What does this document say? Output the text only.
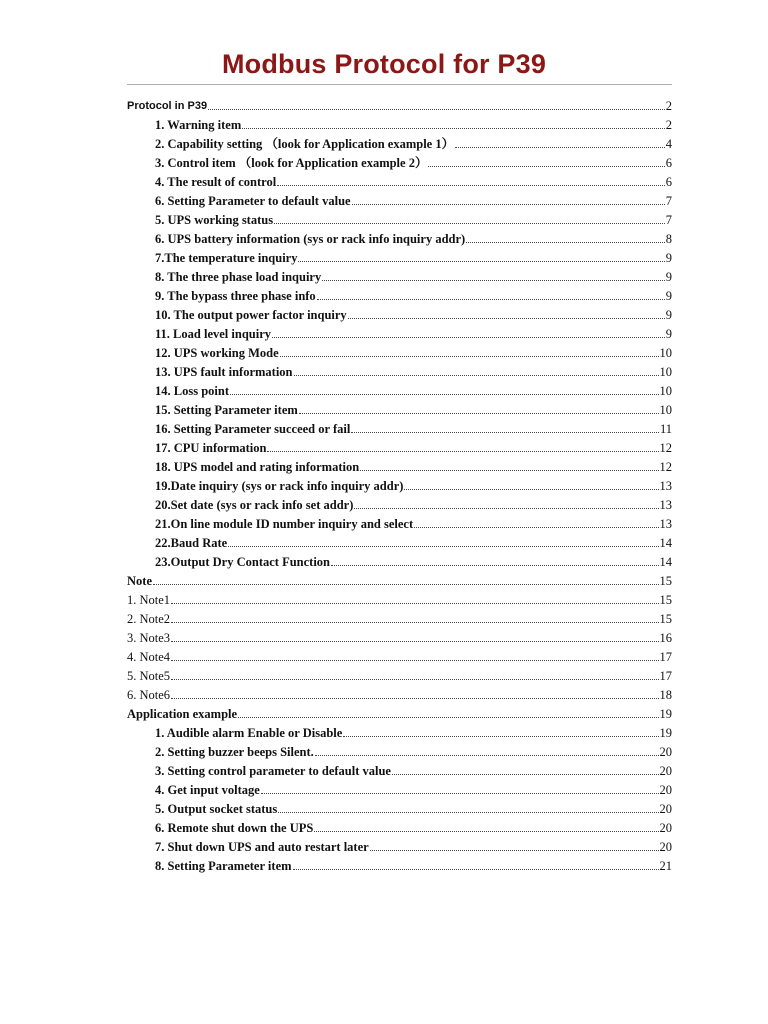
Modbus Protocol for P39
Protocol in P39	2
1. Warning item	2
2. Capability setting （look for Application example 1）	4
3. Control item （look for Application example 2）	6
4. The result of control	6
6. Setting Parameter to default value	7
5. UPS working status	7
6. UPS battery information (sys or rack info inquiry addr)	8
7.The temperature inquiry	9
8. The three phase load inquiry	9
9. The bypass three phase info	9
10. The output power factor inquiry	9
11. Load level inquiry	9
12. UPS working Mode	10
13. UPS fault information	10
14. Loss point	10
15. Setting Parameter item	10
16. Setting Parameter succeed or fail	11
17. CPU information	12
18. UPS model and rating information	12
19.Date inquiry (sys or rack info inquiry addr)	13
20.Set date (sys or rack info set addr)	13
21.On line module ID number inquiry and select	13
22.Baud Rate	14
23.Output Dry Contact Function	14
Note	15
1. Note1	15
2. Note2	15
3. Note3	16
4. Note4	17
5. Note5	17
6. Note6	18
Application example	19
1. Audible alarm Enable or Disable	19
2. Setting buzzer beeps Silent.	20
3. Setting control parameter to default value	20
4. Get input voltage	20
5. Output socket status	20
6. Remote shut down the UPS	20
7. Shut down UPS and auto restart later	20
8. Setting Parameter item	21
